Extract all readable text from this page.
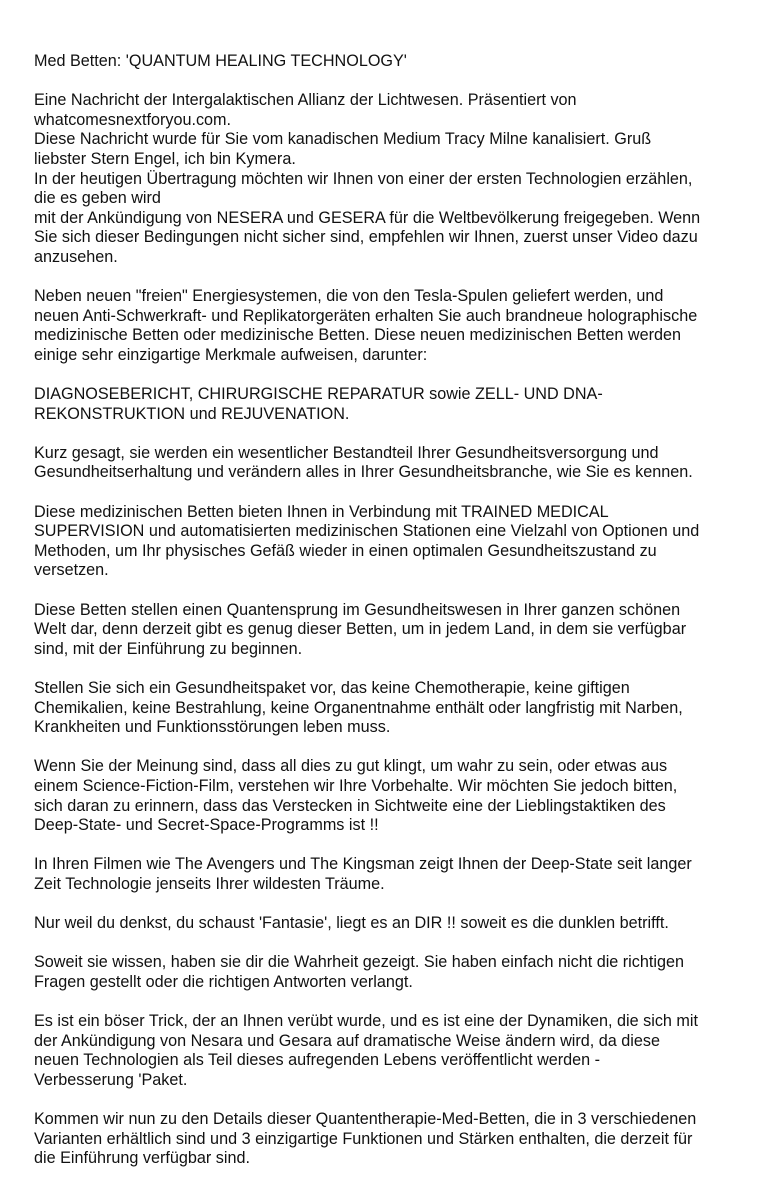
Med Betten: 'QUANTUM HEALING TECHNOLOGY'
Eine Nachricht der Intergalaktischen Allianz der Lichtwesen. Präsentiert von
whatcomesnextforyou.com.
Diese Nachricht wurde für Sie vom kanadischen Medium Tracy Milne kanalisiert. Gruß
liebster Stern Engel, ich bin Kymera.
In der heutigen Übertragung möchten wir Ihnen von einer der ersten Technologien erzählen,
die es geben wird
mit der Ankündigung von NESERA und GESERA für die Weltbevölkerung freigegeben. Wenn
Sie sich dieser Bedingungen nicht sicher sind, empfehlen wir Ihnen, zuerst unser Video dazu
anzusehen.
Neben neuen "freien" Energiesystemen, die von den Tesla-Spulen geliefert werden, und
neuen Anti-Schwerkraft- und Replikatorgeräten erhalten Sie auch brandneue holographische
medizinische Betten oder medizinische Betten. Diese neuen medizinischen Betten werden
einige sehr einzigartige Merkmale aufweisen, darunter:
DIAGNOSEBERICHT, CHIRURGISCHE REPARATUR sowie ZELL- UND DNA-
REKONSTRUKTION und REJUVENATION.
Kurz gesagt, sie werden ein wesentlicher Bestandteil Ihrer Gesundheitsversorgung und
Gesundheitserhaltung und verändern alles in Ihrer Gesundheitsbranche, wie Sie es kennen.
Diese medizinischen Betten bieten Ihnen in Verbindung mit TRAINED MEDICAL
SUPERVISION und automatisierten medizinischen Stationen eine Vielzahl von Optionen und
Methoden, um Ihr physisches Gefäß wieder in einen optimalen Gesundheitszustand zu
versetzen.
Diese Betten stellen einen Quantensprung im Gesundheitswesen in Ihrer ganzen schönen
Welt dar, denn derzeit gibt es genug dieser Betten, um in jedem Land, in dem sie verfügbar
sind, mit der Einführung zu beginnen.
Stellen Sie sich ein Gesundheitspaket vor, das keine Chemotherapie, keine giftigen
Chemikalien, keine Bestrahlung, keine Organentnahme enthält oder langfristig mit Narben,
Krankheiten und Funktionsstörungen leben muss.
Wenn Sie der Meinung sind, dass all dies zu gut klingt, um wahr zu sein, oder etwas aus
einem Science-Fiction-Film, verstehen wir Ihre Vorbehalte. Wir möchten Sie jedoch bitten,
sich daran zu erinnern, dass das Verstecken in Sichtweite eine der Lieblingstaktiken des
Deep-State- und Secret-Space-Programms ist !!
In Ihren Filmen wie The Avengers und The Kingsman zeigt Ihnen der Deep-State seit langer
Zeit Technologie jenseits Ihrer wildesten Träume.
Nur weil du denkst, du schaust 'Fantasie', liegt es an DIR !! soweit es die dunklen betrifft.
Soweit sie wissen, haben sie dir die Wahrheit gezeigt. Sie haben einfach nicht die richtigen
Fragen gestellt oder die richtigen Antworten verlangt.
Es ist ein böser Trick, der an Ihnen verübt wurde, und es ist eine der Dynamiken, die sich mit
der Ankündigung von Nesara und Gesara auf dramatische Weise ändern wird, da diese
neuen Technologien als Teil dieses aufregenden Lebens veröffentlicht werden -
Verbesserung 'Paket.
Kommen wir nun zu den Details dieser Quantentherapie-Med-Betten, die in 3 verschiedenen
Varianten erhältlich sind und 3 einzigartige Funktionen und Stärken enthalten, die derzeit für
die Einführung verfügbar sind.
